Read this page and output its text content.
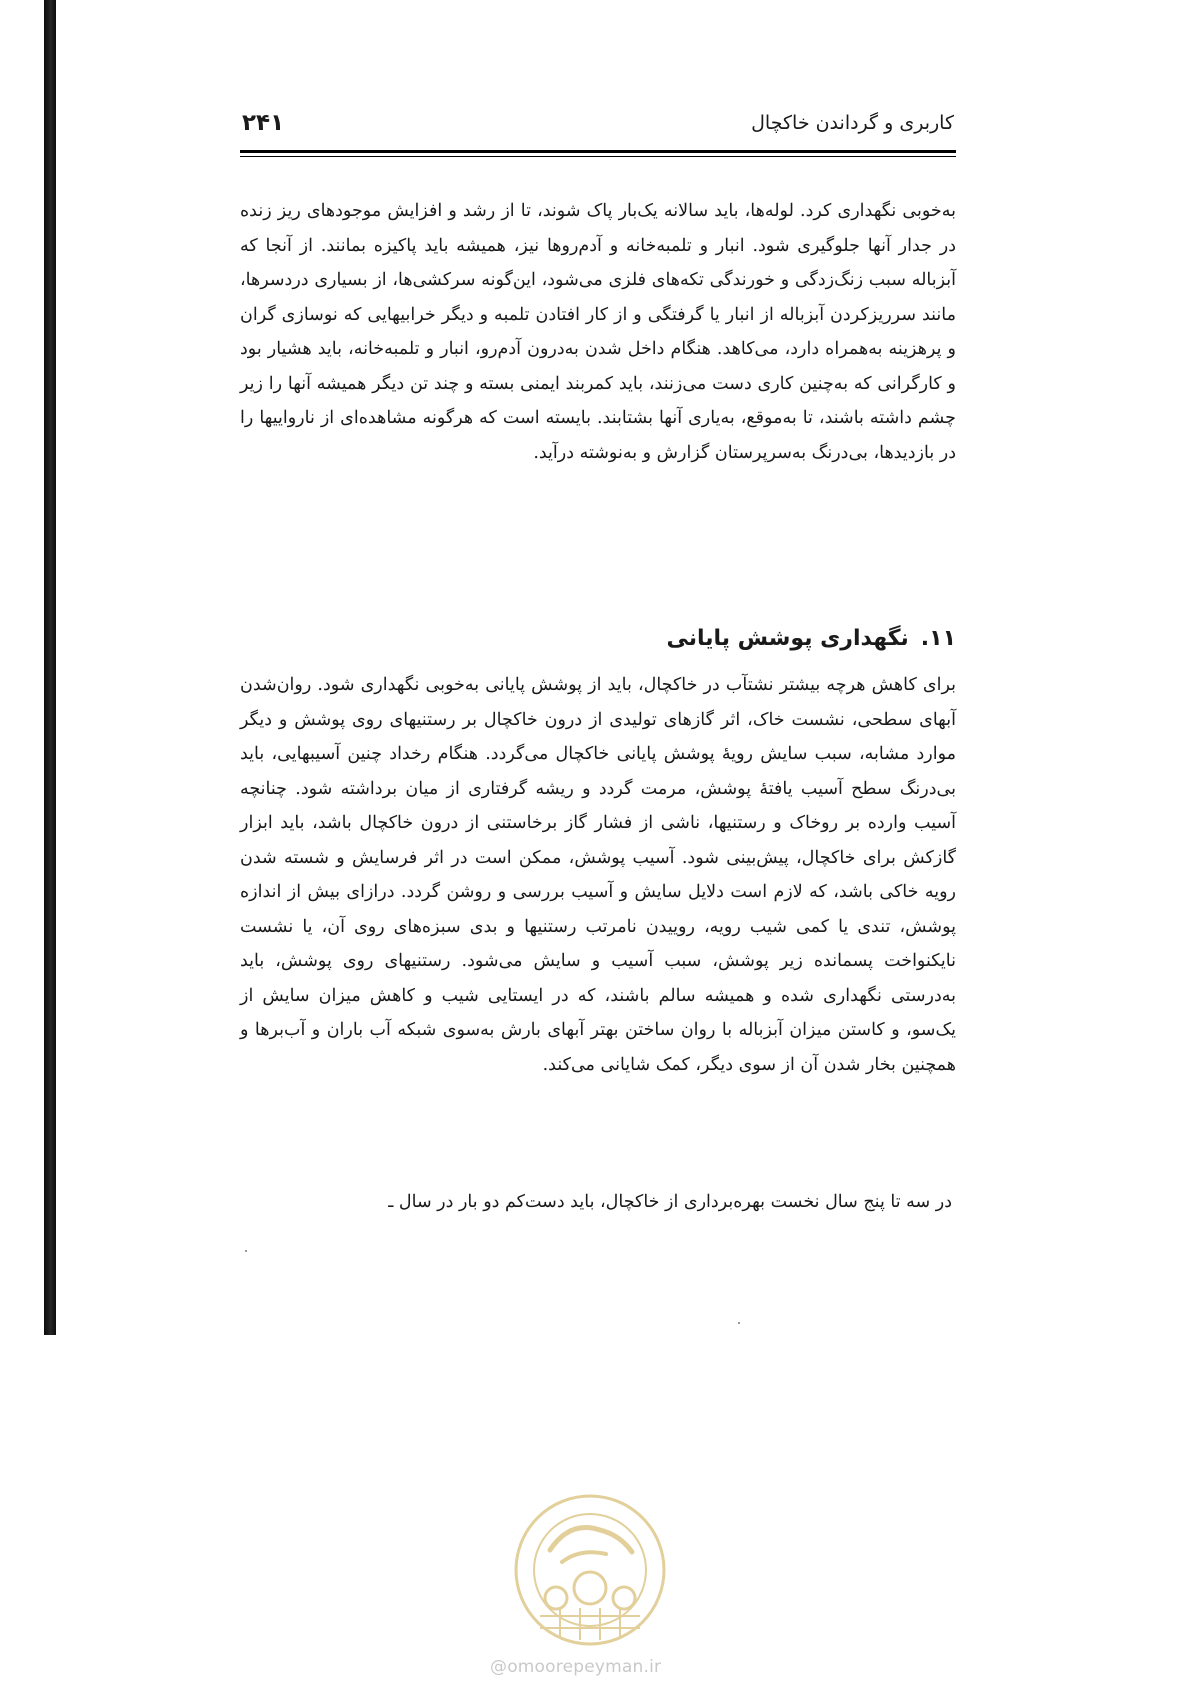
۲۴۱	کاربری و گرداندن خاکچال

به‌خوبی نگهداری کرد. لوله‌ها، باید سالانه یک‌بار پاک شوند، تا از رشد و افزایش موجودهای ریز زنده در جدار آنها جلوگیری شود. انبار و تلمبه‌خانه و آدم‌روها نیز، همیشه باید پاکیزه بمانند. از آنجا که آبزباله سبب زنگ‌زدگی و خورندگی تکه‌های فلزی می‌شود، این‌گونه سرکشی‌ها، از بسیاری دردسرها، مانند سرریزکردن آبزباله از انبار یا گرفتگی و از کار افتادن تلمبه و دیگر خرابیهایی که نوسازی گران و پرهزینه به‌همراه دارد، می‌کاهد. هنگام داخل شدن به‌درون آدم‌رو، انبار و تلمبه‌خانه، باید هشیار بود و کارگرانی که به‌چنین کاری دست می‌زنند، باید کمربند ایمنی بسته و چند تن دیگر همیشه آنها را زیر چشم داشته باشند، تا به‌موقع، به‌یاری آنها بشتابند. بایسته است که هرگونه مشاهده‌ای از نارواییها را در بازدیدها، بی‌درنگ به‌سرپرستان گزارش و به‌نوشته درآید.

۱۱.نگهداری پوشش پایانی

برای کاهش هرچه بیشتر نشتآب در خاکچال، باید از پوشش پایانی به‌خوبی نگهداری شود. روان‌شدن آبهای سطحی، نشست خاک، اثر گازهای تولیدی از درون خاکچال بر رستنیهای روی پوشش و دیگر موارد مشابه، سبب سایش رویهٔ پوشش پایانی خاکچال می‌گردد. هنگام رخداد چنین آسیبهایی، باید بی‌درنگ سطح آسیب یافتهٔ پوشش، مرمت گردد و ریشه گرفتاری از میان برداشته شود. چنانچه آسیب وارده بر روخاک و رستنیها، ناشی از فشار گاز برخاستنی از درون خاکچال باشد، باید ابزار گازکش برای خاکچال، پیش‌بینی شود. آسیب پوشش، ممکن است در اثر فرسایش و شسته شدن رویه خاکی باشد، که لازم است دلایل سایش و آسیب بررسی و روشن گردد. درازای بیش از اندازه پوشش، تندی یا کمی شیب رویه، روییدن نامرتب رستنیها و بدی سبزه‌های روی آن، یا نشست نایکنواخت پسمانده زیر پوشش، سبب آسیب و سایش می‌شود. رستنیهای روی پوشش، باید به‌درستی نگهداری شده و همیشه سالم باشند، که در ایستایی شیب و کاهش میزان سایش از یک‌سو، و کاستن میزان آبزباله با روان ساختن بهتر آبهای بارش به‌سوی شبکه آب باران و آب‌برها و همچنین بخار شدن آن از سوی دیگر، کمک شایانی می‌کند.

در سه تا پنج سال نخست بهره‌برداری از خاکچال، باید دست‌کم دو بار در سال ـ

@omoorepeyman.ir
